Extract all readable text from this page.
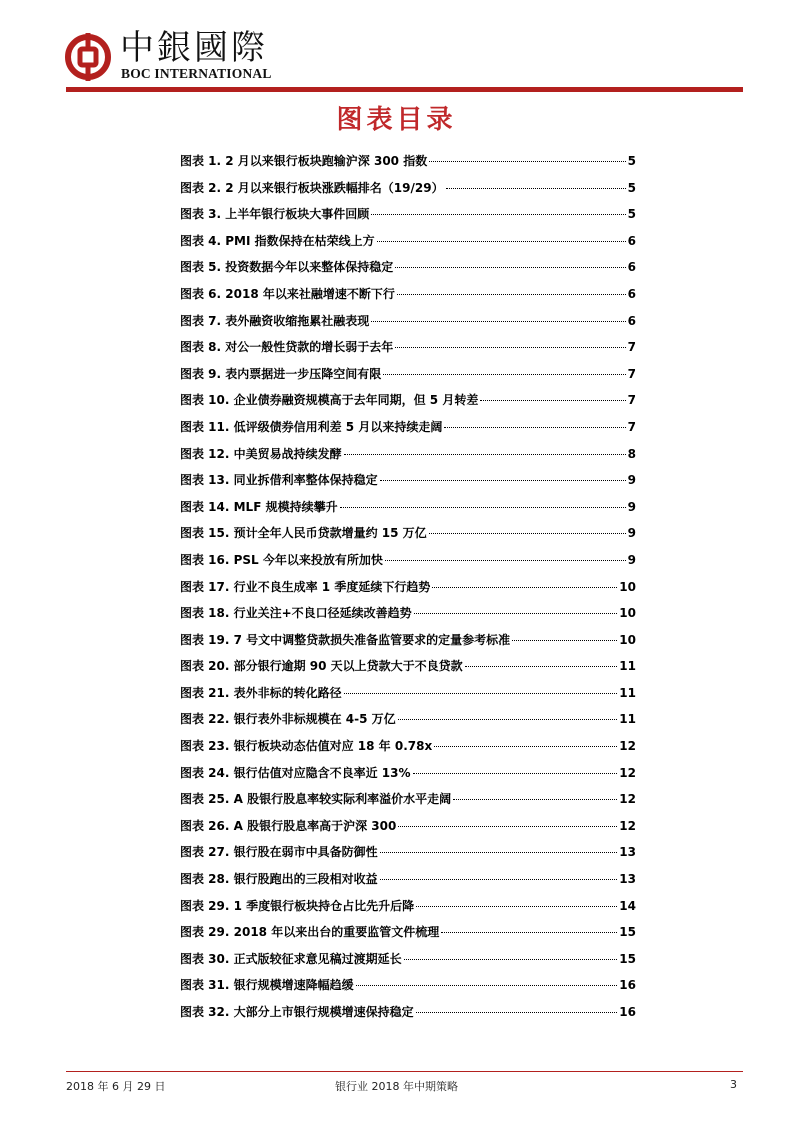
中銀國際
BOC INTERNATIONAL
图表目录
图表 1. 2 月以来银行板块跑输沪深 300 指数	5
图表 2. 2 月以来银行板块涨跌幅排名（19/29）	5
图表 3. 上半年银行板块大事件回顾	5
图表 4. PMI 指数保持在枯荣线上方	6
图表 5. 投资数据今年以来整体保持稳定	6
图表 6. 2018 年以来社融增速不断下行	6
图表 7. 表外融资收缩拖累社融表现	6
图表 8. 对公一般性贷款的增长弱于去年	7
图表 9. 表内票据进一步压降空间有限	7
图表 10. 企业债券融资规模高于去年同期，但 5 月转差	7
图表 11. 低评级债券信用利差 5 月以来持续走阔	7
图表 12. 中美贸易战持续发酵	8
图表 13. 同业拆借利率整体保持稳定	9
图表 14. MLF 规模持续攀升	9
图表 15. 预计全年人民币贷款增量约 15 万亿	9
图表 16. PSL 今年以来投放有所加快	9
图表 17. 行业不良生成率 1 季度延续下行趋势	10
图表 18. 行业关注+不良口径延续改善趋势	10
图表 19. 7 号文中调整贷款损失准备监管要求的定量参考标准	10
图表 20. 部分银行逾期 90 天以上贷款大于不良贷款	11
图表 21. 表外非标的转化路径	11
图表 22. 银行表外非标规模在 4-5 万亿	11
图表 23. 银行板块动态估值对应 18 年 0.78x	12
图表 24. 银行估值对应隐含不良率近 13%	12
图表 25. A 股银行股息率较实际利率溢价水平走阔	12
图表 26. A 股银行股息率高于沪深 300	12
图表 27. 银行股在弱市中具备防御性	13
图表 28. 银行股跑出的三段相对收益	13
图表 29. 1 季度银行板块持仓占比先升后降	14
图表 29. 2018 年以来出台的重要监管文件梳理	15
图表 30. 正式版较征求意见稿过渡期延长	15
图表 31. 银行规模增速降幅趋缓	16
图表 32. 大部分上市银行规模增速保持稳定	16
2018 年 6 月 29 日	银行业 2018 年中期策略	3
